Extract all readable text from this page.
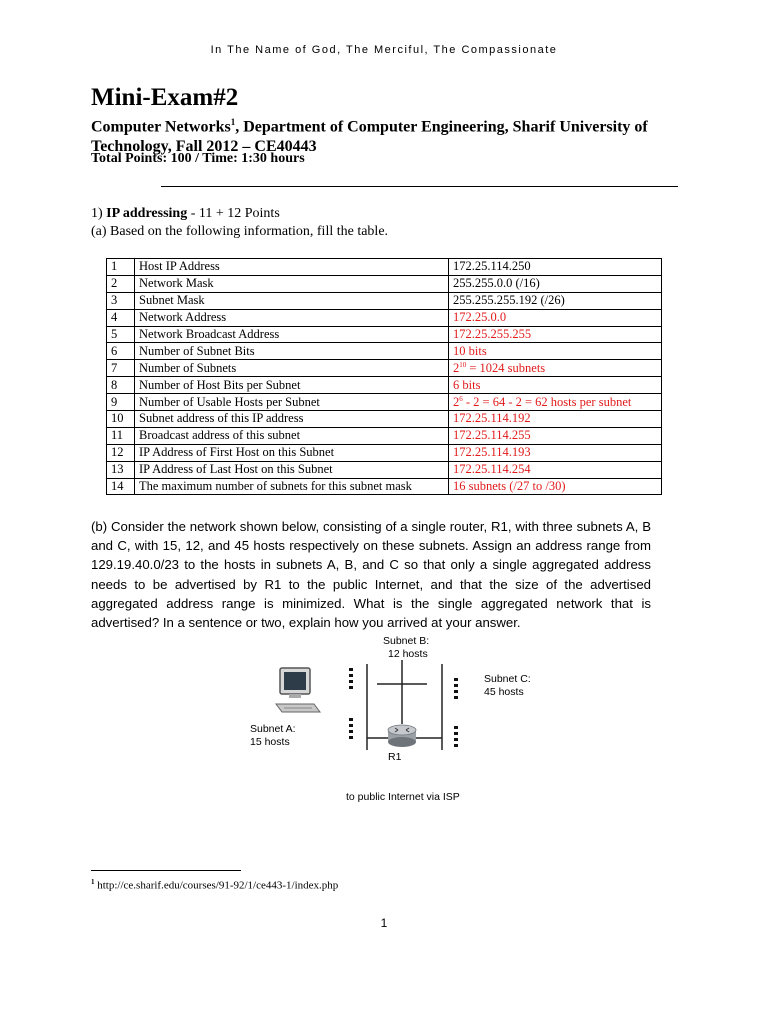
In The Name of God, The Merciful, The Compassionate
Mini-Exam#2
Computer Networks$^1$, Department of Computer Engineering, Sharif University of Technology, Fall 2012 – CE40443
Total Points: 100 / Time: 1:30 hours
1) IP addressing - 11 + 12 Points
(a) Based on the following information, fill the table.
1	Host IP Address	172.25.114.250
2	Network Mask	255.255.0.0 (/16)
3	Subnet Mask	255.255.255.192 (/26)
4	Network Address	172.25.0.0
5	Network Broadcast Address	172.25.255.255
6	Number of Subnet Bits	10 bits
7	Number of Subnets	$2^{10} = 1024$ subnets
8	Number of Host Bits per Subnet	6 bits
9	Number of Usable Hosts per Subnet	$2^6 - 2 = 64 - 2 = 62$ hosts per subnet
10	Subnet address of this IP address	172.25.114.192
11	Broadcast address of this subnet	172.25.114.255
12	IP Address of First Host on this Subnet	172.25.114.193
13	IP Address of Last Host on this Subnet	172.25.114.254
14	The maximum number of subnets for this subnet mask	16 subnets (/27 to /30)
(b) Consider the network shown below, consisting of a single router, R1, with three subnets A, B and C, with 15, 12, and 45 hosts respectively on these subnets. Assign an address range from 129.19.40.0/23 to the hosts in subnets A, B, and C so that only a single aggregated address needs to be advertised by R1 to the public Internet, and that the size of the advertised aggregated address range is minimized. What is the single aggregated network that is advertised? In a sentence or two, explain how you arrived at your answer.
R1
Subnet B:
12 hosts
Subnet C:
45 hosts
Subnet A:
15 hosts
to public Internet via ISP
$^1$ http://ce.sharif.edu/courses/91-92/1/ce443-1/index.php
1
